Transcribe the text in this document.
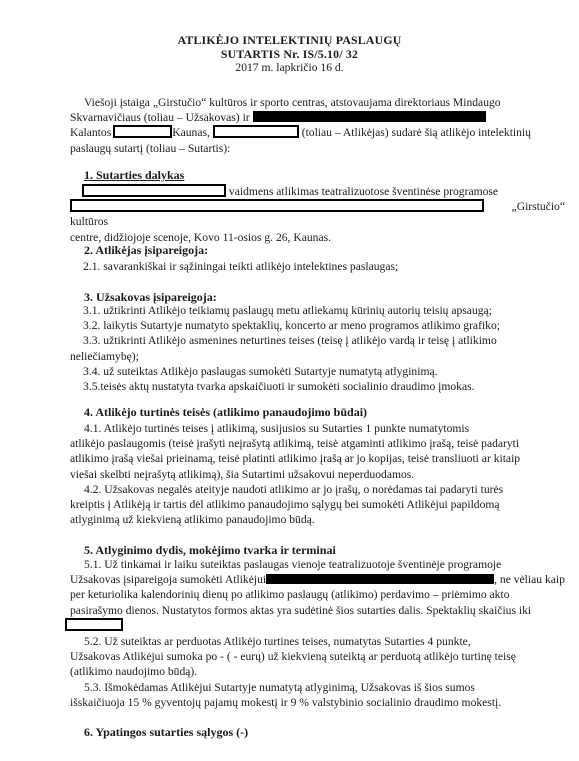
ATLIKĖJO INTELEKTINIŲ PASLAUGŲ
SUTARTIS Nr. IS/5.10/ 32
2017 m. lapkričio 16 d.
Viešoji įstaiga „Girstučio“ kultūros ir sporto centras, atstovaujama direktoriaus Mindaugo
Skvarnavičiaus (toliau – Užsakovas) ir
Kalantos	Kaunas,	(toliau – Atlikėjas) sudarė šią atlikėjo intelektinių
paslaugų sutartį (toliau – Sutartis):
1. Sutarties dalykas
vaidmens atlikimas teatralizuotose šventinėse programose
„Girstučio“ kultūros
centre, didžiojoje scenoje, Kovo 11-osios g. 26, Kaunas.
2. Atlikėjas įsipareigoja:
2.1. savarankiškai ir sąžiningai teikti atlikėjo intelektines paslaugas;
3. Užsakovas įsipareigoja:
3.1. užtikrinti Atlikėjo teikiamų paslaugų metu atliekamų kūrinių autorių teisių apsaugą;
3.2. laikytis Sutartyje numatyto spektaklių, koncerto ar meno programos atlikimo grafiko;
3.3. užtikrinti Atlikėjo asmenines neturtines teises (teisę į atlikėjo vardą ir teisę į atlikimo
neliečiamybę);
3.4. už suteiktas Atlikėjo paslaugas sumokėti Sutartyje numatytą atlyginimą.
3.5.teisės aktų nustatyta tvarka apskaičiuoti ir sumokėti socialinio draudimo įmokas.
4. Atlikėjo turtinės teisės (atlikimo panaudojimo būdai)
4.1. Atlikėjo turtinės teises į atlikimą, susijusios su Sutarties 1 punkte numatytomis
atlikėjo paslaugomis (teisė įrašyti neįrašytą atlikimą, teisė atgaminti atlikimo įrašą, teisė padaryti
atlikimo įrašą viešai prieinamą, teisė platinti atlikimo įrašą ar jo kopijas, teisė transliuoti ar kitaip
viešai skelbti neįrašytą atlikimą), šia Sutartimi užsakovui neperduodamos.
4.2. Užsakovas negalės ateityje naudoti atlikimo ar jo įrašų, o norėdamas tai padaryti turės
kreiptis į Atlikėją ir tartis dėl atlikimo panaudojimo sąlygų bei sumokėti Atlikėjui papildomą
atlyginimą už kiekvieną atlikimo panaudojimo būdą.
5. Atlyginimo dydis, mokėjimo tvarka ir terminai
5.1. Už tinkamai ir laiku suteiktas paslaugas vienoje teatralizuotoje šventinėje programoje
Užsakovas įsipareigoja sumokėti Atlikėjui	, ne vėliau kaip
per keturiolika kalendorinių dienų po atlikimo paslaugų (atlikimo) perdavimo – priėmimo akto
pasirašymo dienos. Nustatytos formos aktas yra sudėtinė šios sutarties dalis. Spektaklių skaičius iki
5.2. Už suteiktas ar perduotas Atlikėjo turtines teises, numatytas Sutarties 4 punkte,
Užsakovas Atlikėjui sumoka po - ( - eurų) už kiekvieną suteiktą ar perduotą atlikėjo turtinę teisę
(atlikimo naudojimo būdą).
5.3. Išmokėdamas Atlikėjui Sutartyje numatytą atlyginimą, Užsakovas iš šios sumos
išskaičiuoja 15 % gyventojų pajamų mokestį ir 9 % valstybinio socialinio draudimo mokestį.
6. Ypatingos sutarties sąlygos (-)
